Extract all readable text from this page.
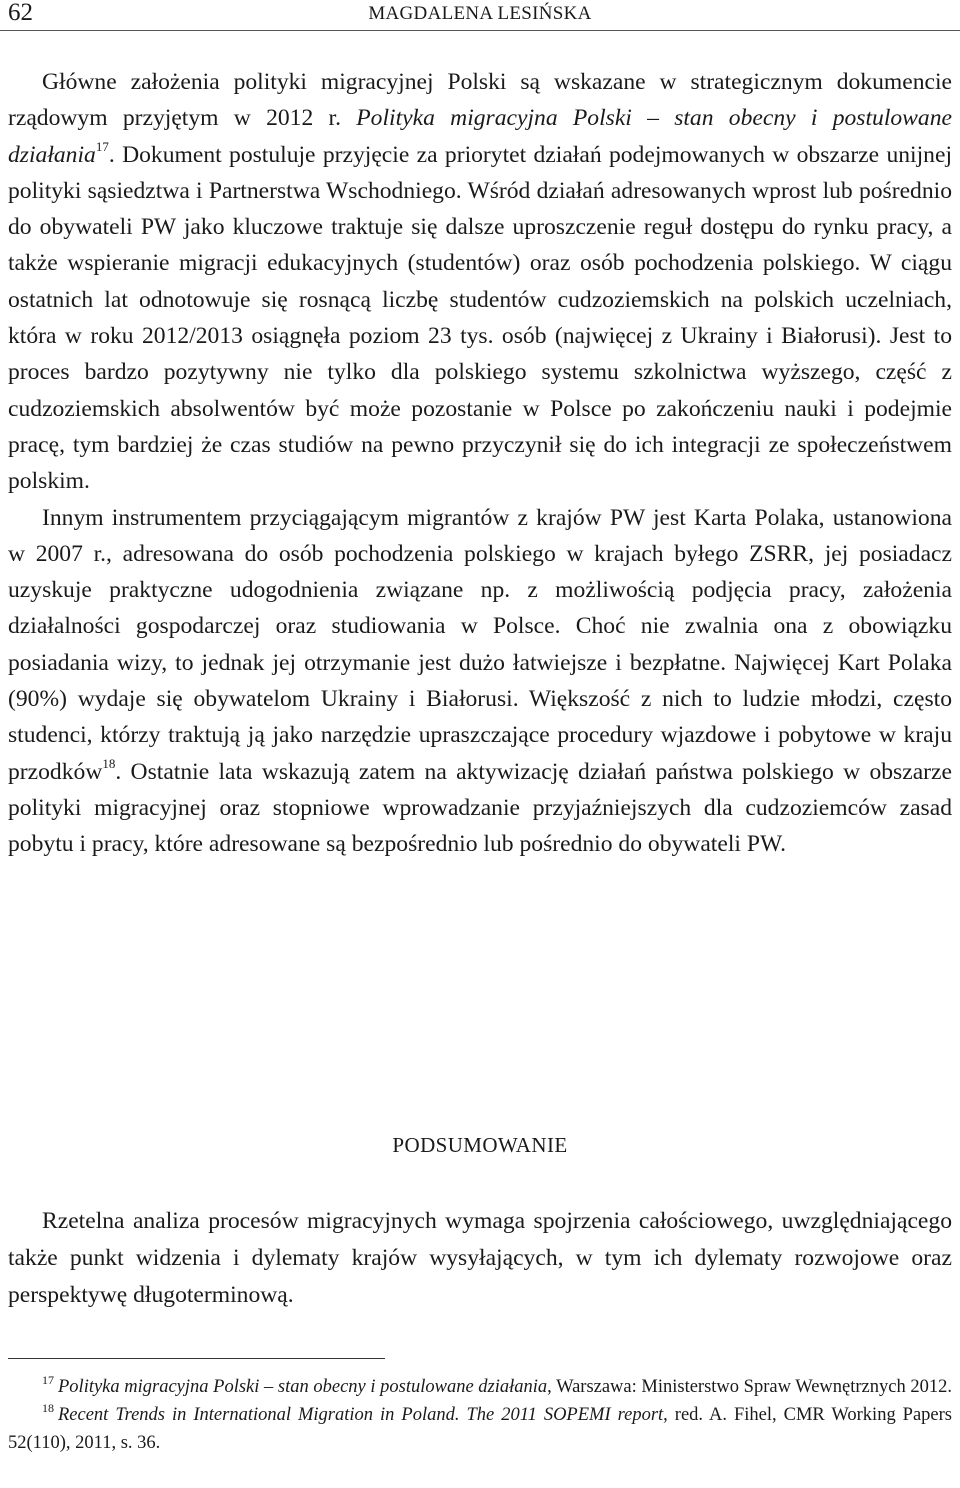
62	MAGDALENA LESIŃSKA

Główne założenia polityki migracyjnej Polski są wskazane w strategicznym dokumencie rządowym przyjętym w 2012 r. Polityka migracyjna Polski – stan obecny i postulowane działania$^{17}$. Dokument postuluje przyjęcie za priorytet działań podejmowanych w obszarze unijnej polityki sąsiedztwa i Partnerstwa Wschodniego. Wśród działań adresowanych wprost lub pośrednio do obywateli PW jako kluczowe traktuje się dalsze uproszczenie reguł dostępu do rynku pracy, a także wspieranie migracji edukacyjnych (studentów) oraz osób pochodzenia polskiego. W ciągu ostatnich lat odnotowuje się rosnącą liczbę studentów cudzoziemskich na polskich uczelniach, która w roku 2012/2013 osiągnęła poziom 23 tys. osób (najwięcej z Ukrainy i Białorusi). Jest to proces bardzo pozytywny nie tylko dla polskiego systemu szkolnictwa wyższego, część z cudzoziemskich absolwentów być może pozostanie w Polsce po zakończeniu nauki i podejmie pracę, tym bardziej że czas studiów na pewno przyczynił się do ich integracji ze społeczeństwem polskim.

Innym instrumentem przyciągającym migrantów z krajów PW jest Karta Polaka, ustanowiona w 2007 r., adresowana do osób pochodzenia polskiego w krajach byłego ZSRR, jej posiadacz uzyskuje praktyczne udogodnienia związane np. z możliwością podjęcia pracy, założenia działalności gospodarczej oraz studiowania w Polsce. Choć nie zwalnia ona z obowiązku posiadania wizy, to jednak jej otrzymanie jest dużo łatwiejsze i bezpłatne. Najwięcej Kart Polaka (90%) wydaje się obywatelom Ukrainy i Białorusi. Większość z nich to ludzie młodzi, często studenci, którzy traktują ją jako narzędzie upraszczające procedury wjazdowe i pobytowe w kraju przodków$^{18}$. Ostatnie lata wskazują zatem na aktywizację działań państwa polskiego w obszarze polityki migracyjnej oraz stopniowe wprowadzanie przyjaźniejszych dla cudzoziemców zasad pobytu i pracy, które adresowane są bezpośrednio lub pośrednio do obywateli PW.

PODSUMOWANIE

Rzetelna analiza procesów migracyjnych wymaga spojrzenia całościowego, uwzględniającego także punkt widzenia i dylematy krajów wysyłających, w tym ich dylematy rozwojowe oraz perspektywę długoterminową.

$^{17}$ Polityka migracyjna Polski – stan obecny i postulowane działania, Warszawa: Ministerstwo Spraw Wewnętrznych 2012.

$^{18}$ Recent Trends in International Migration in Poland. The 2011 SOPEMI report, red. A. Fihel, CMR Working Papers 52(110), 2011, s. 36.
